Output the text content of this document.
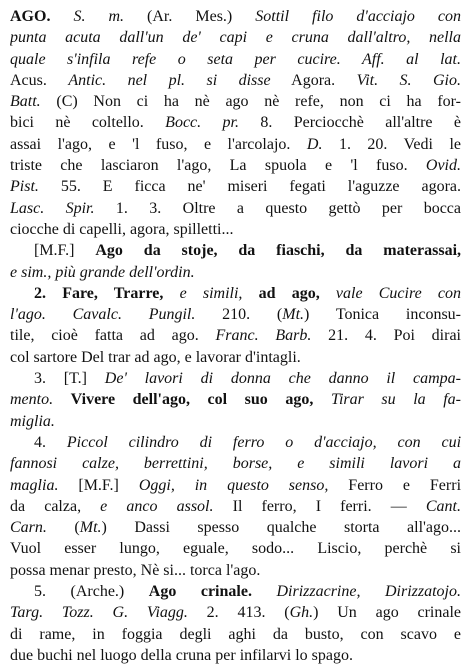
AGO. S. m. (Ar. Mes.) Sottil filo d'acciajo con
punta acuta dall'un de' capi e cruna dall'altro, nella
quale s'infila refe o seta per cucire. Aff. al lat.
Acus. Antic. nel pl. si disse Agora. Vit. S. Gio.
Batt. (C) Non ci ha nè ago nè refe, non ci ha for-
bici nè coltello. Bocc. pr. 8. Perciocchè all'altre è
assai l'ago, e 'l fuso, e l'arcolajo. D. 1. 20. Vedi le
triste che lasciaron l'ago, La spuola e 'l fuso. Ovid.
Pist. 55. E ficca ne' miseri fegati l'aguzze agora.
Lasc. Spir. 1. 3. Oltre a questo gettò per bocca
ciocche di capelli, agora, spilletti...
[M.F.] Ago da stoje, da fiaschi, da materassai,
e sim., più grande dell'ordin.
2. Fare, Trarre, e simili, ad ago, vale Cucire con
l'ago. Cavalc. Pungil. 210. (Mt.) Tonica inconsu-
tile, cioè fatta ad ago. Franc. Barb. 21. 4. Poi dirai
col sartore Del trar ad ago, e lavorar d'intagli.
3. [T.] De' lavori di donna che danno il campa-
mento. Vivere dell'ago, col suo ago, Tirar su la fa-
miglia.
4. Piccol cilindro di ferro o d'acciajo, con cui
fannosi calze, berrettini, borse, e simili lavori a
maglia. [M.F.] Oggi, in questo senso, Ferro e Ferri
da calza, e anco assol. Il ferro, I ferri. — Cant.
Carn. (Mt.) Dassi spesso qualche storta all'ago...
Vuol esser lungo, eguale, sodo... Liscio, perchè si
possa menar presto, Nè si... torca l'ago.
5. (Arche.) Ago crinale. Dirizzacrine, Dirizzatojo.
Targ. Tozz. G. Viagg. 2. 413. (Gh.) Un ago crinale
di rame, in foggia degli aghi da busto, con scavo e
due buchi nel luogo della cruna per infilarvi lo spago.
